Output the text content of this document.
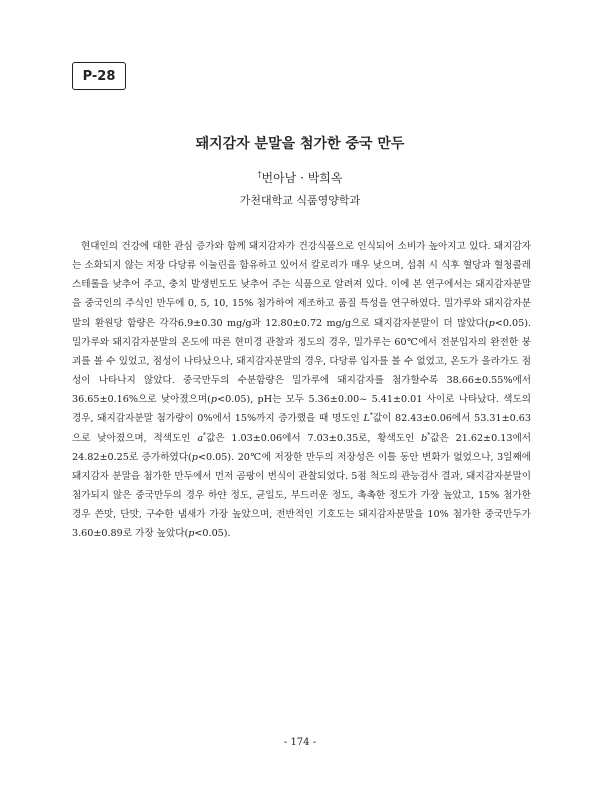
P-28
돼지감자 분말을 첨가한 중국 만두
†번아남 · 박희옥
가천대학교 식품영양학과

현대인의 건강에 대한 관심 증가와 함께 돼지감자가 건강식품으로 인식되어 소비가 높아지고 있다. 돼지감자는 소화되지 않는 저장 다당류 이눌린을 함유하고 있어서 칼로리가 매우 낮으며, 섭취 시 식후 혈당과 혈청콜레스테롤을 낮추어 주고, 충치 발생빈도도 낮추어 주는 식품으로 알려져 있다. 이에 본 연구에서는 돼지감자분말을 중국인의 주식인 만두에 0, 5, 10, 15% 첨가하여 제조하고 품질 특성을 연구하였다. 밀가루와 돼지감자분말의 환원당 함량은 각각6.9±0.30 mg/g과 12.80±0.72 mg/g으로 돼지감자분말이 더 많았다(p<0.05). 밀가루와 돼지감자분말의 온도에 따른 현미경 관찰과 정도의 경우, 밀가루는 60℃에서 전분입자의 완전한 붕괴를 볼 수 있었고, 점성이 나타났으나, 돼지감자분말의 경우, 다당류 입자를 볼 수 없었고, 온도가 올라가도 점성이 나타나지 않았다. 중국만두의 수분함량은 밀가루에 돼지감자를 첨가할수록 38.66±0.55%에서 36.65±0.16%으로 낮아졌으며(p<0.05), pH는 모두 5.36±0.00~ 5.41±0.01 사이로 나타났다. 색도의 경우, 돼지감자분말 첨가량이 0%에서 15%까지 증가했을 때 명도인 L*값이 82.43±0.06에서 53.31±0.63으로 낮아졌으며, 적색도인 a*값은 1.03±0.06에서 7.03±0.35로, 황색도인 b*값은 21.62±0.13에서 24.82±0.25로 증가하였다(p<0.05). 20℃에 저장한 만두의 저장성은 이틀 동안 변화가 없었으나, 3일째에 돼지감자 분말을 첨가한 만두에서 먼저 곰팡이 번식이 관찰되었다. 5점 척도의 관능검사 결과, 돼지감자분말이 첨가되지 않은 중국만두의 경우 하얀 정도, 균일도, 부드러운 정도, 촉촉한 정도가 가장 높았고, 15% 첨가한 경우 쓴맛, 단맛, 구수한 냄새가 가장 높았으며, 전반적인 기호도는 돼지감자분말을 10% 첨가한 중국만두가 3.60±0.89로 가장 높았다(p<0.05).

- 174 -
